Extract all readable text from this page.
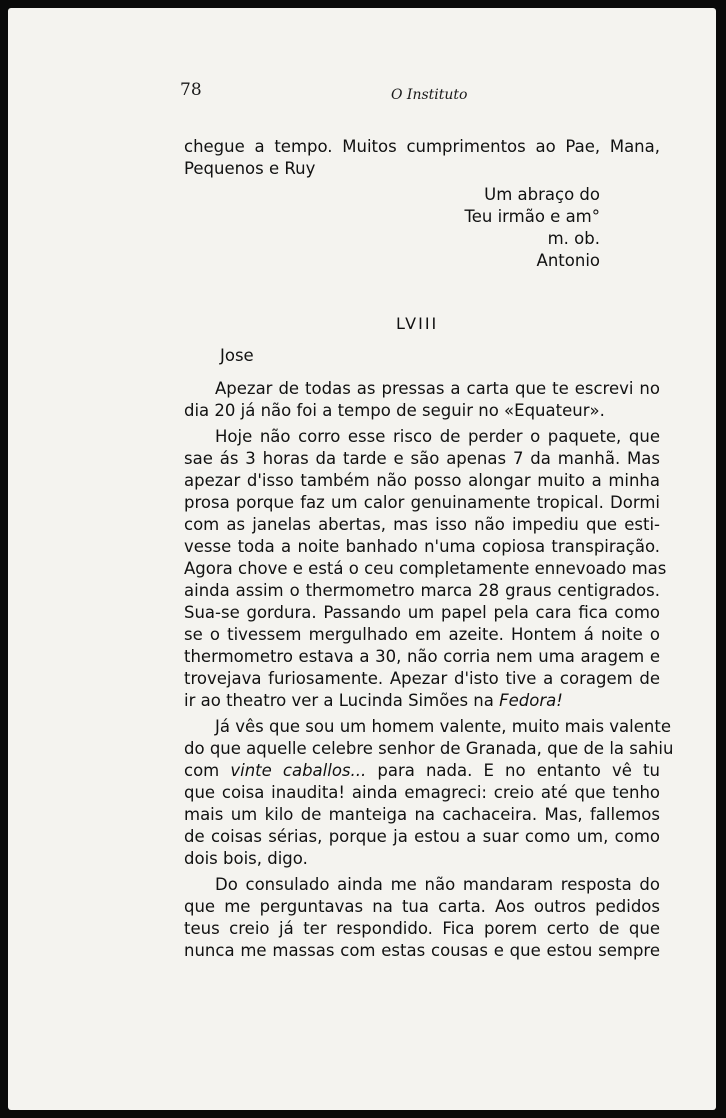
78	O Instituto
chegue a tempo. Muitos cumprimentos ao Pae, Mana,
Pequenos e Ruy
Um abraço do
Teu irmão e am°
m. ob.
Antonio
LVIII
Jose
Apezar de todas as pressas a carta que te escrevi no
dia 20 já não foi a tempo de seguir no «Equateur».
Hoje não corro esse risco de perder o paquete, que
sae ás 3 horas da tarde e são apenas 7 da manhã. Mas
apezar d'isso também não posso alongar muito a minha
prosa porque faz um calor genuinamente tropical. Dormi
com as janelas abertas, mas isso não impediu que esti-
vesse toda a noite banhado n'uma copiosa transpiração.
Agora chove e está o ceu completamente ennevoado mas
ainda assim o thermometro marca 28 graus centigrados.
Sua-se gordura. Passando um papel pela cara fica como
se o tivessem mergulhado em azeite. Hontem á noite o
thermometro estava a 30, não corria nem uma aragem e
trovejava furiosamente. Apezar d'isto tive a coragem de
ir ao theatro ver a Lucinda Simões na Fedora!
Já vês que sou um homem valente, muito mais valente
do que aquelle celebre senhor de Granada, que de la sahiu
com vinte caballos... para nada. E no entanto vê tu
que coisa inaudita! ainda emagreci: creio até que tenho
mais um kilo de manteiga na cachaceira. Mas, fallemos
de coisas sérias, porque ja estou a suar como um, como
dois bois, digo.
Do consulado ainda me não mandaram resposta do
que me perguntavas na tua carta. Aos outros pedidos
teus creio já ter respondido. Fica porem certo de que
nunca me massas com estas cousas e que estou sempre
